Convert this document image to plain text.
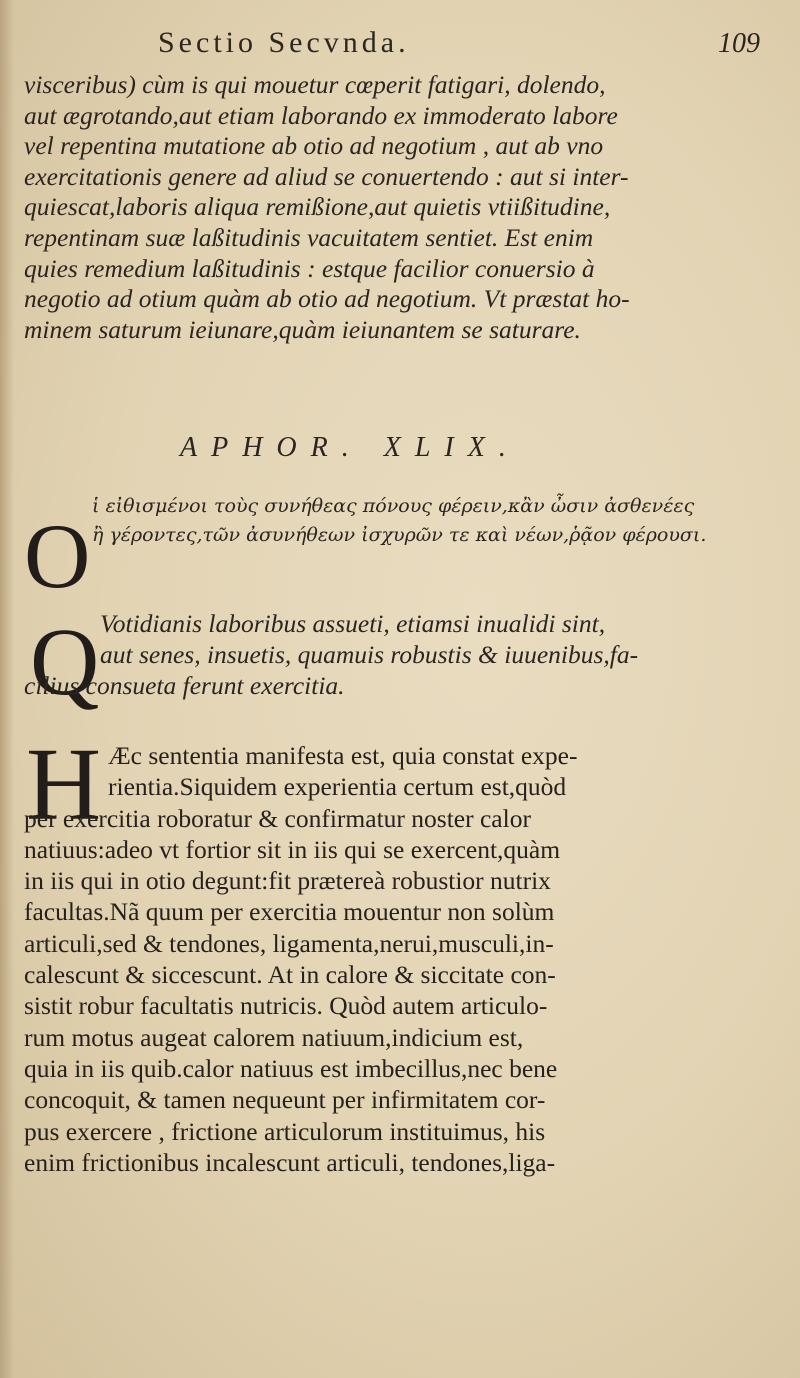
Sectio Secvnda.	109
visceribus) cùm is qui mouetur cœperit fatigari, dolendo,
aut ægrotando,aut etiam laborando ex immoderato labore
vel repentina mutatione ab otio ad negotium , aut ab vno
exercitationis genere ad aliud se conuertendo : aut si inter-
quiescat,laboris aliqua remißione,aut quietis vtiißitudine,
repentinam suæ laßitudinis vacuitatem sentiet. Est enim
quies remedium laßitudinis : estque facilior conuersio à
negotio ad otium quàm ab otio ad negotium. Vt præstat ho-
minem saturum ieiunare,quàm ieiunantem se saturare.
APHOR. XLIX.
O ἱ εἰθισμένοι τοὺς συνήθεας πόνους φέρειν,κἂν ὦσιν ἀσθενέες
ἢ γέροντες,τῶν ἀσυνήθεων ἰσχυρῶν τε καὶ νέων,ῥᾷον φέρουσι.
Q Votidianis laboribus assueti, etiamsi inualidi sint,
aut senes, insuetis, quamuis robustis & iuuenibus,fa-
cilius consueta ferunt exercitia.
H Æc sententia manifesta est, quia constat expe-
rientia.Siquidem experientia certum est,quòd
per exercitia roboratur & confirmatur noster calor
natiuus:adeo vt fortior sit in iis qui se exercent,quàm
in iis qui in otio degunt:fit prætereà robustior nutrix
facultas.Nã quum per exercitia mouentur non solùm
articuli,sed & tendones, ligamenta,nerui,musculi,in-
calescunt & siccescunt. At in calore & siccitate con-
sistit robur facultatis nutricis. Quòd autem articulo-
rum motus augeat calorem natiuum,indicium est,
quia in iis quib.calor natiuus est imbecillus,nec bene
concoquit, & tamen nequeunt per infirmitatem cor-
pus exercere , frictione articulorum instituimus, his
enim frictionibus incalescunt articuli, tendones,liga-
